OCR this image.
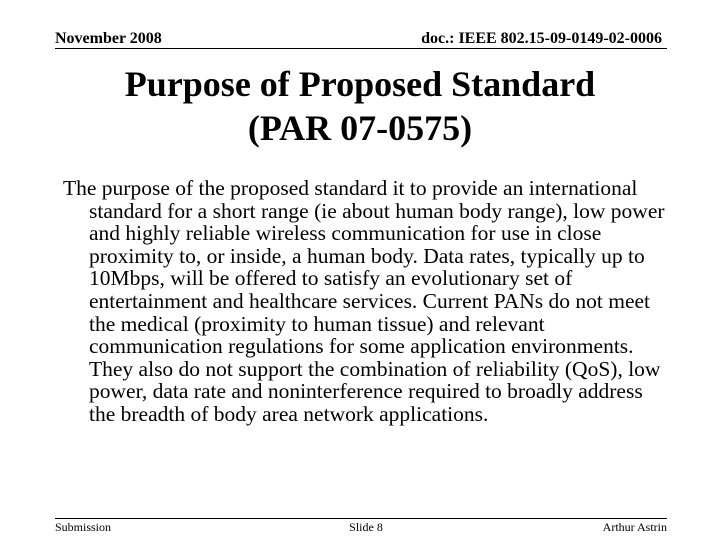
November 2008	doc.: IEEE 802.15-09-0149-02-0006
Purpose of Proposed Standard
(PAR 07-0575)

The purpose of the proposed standard it to provide an international standard for a short range (ie about human body range), low power and highly reliable wireless communication for use in close proximity to, or inside, a human body. Data rates, typically up to 10Mbps, will be offered to satisfy an evolutionary set of entertainment and healthcare services. Current PANs do not meet the medical (proximity to human tissue) and relevant communication regulations for some application environments. They also do not support the combination of reliability (QoS), low power, data rate and noninterference required to broadly address the breadth of body area network applications.

Submission	Slide 8	Arthur Astrin
